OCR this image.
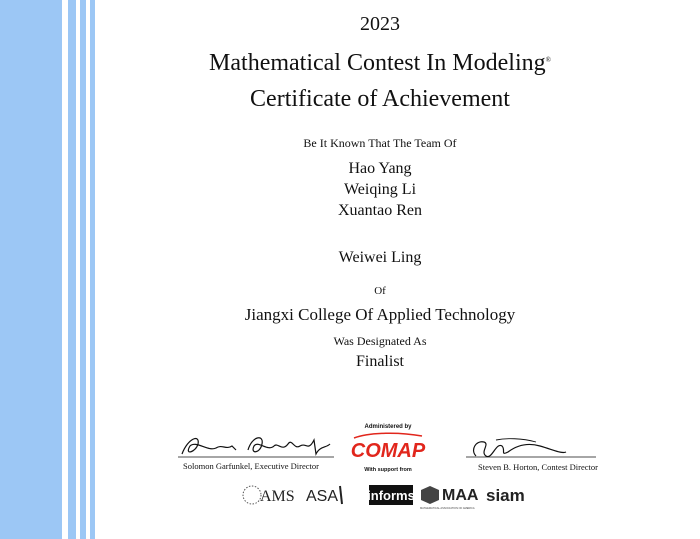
2023
Mathematical Contest In Modeling®
Certificate of Achievement
Be It Known That The Team Of
Hao Yang
Weiqing Li
Xuantao Ren
Weiwei Ling
Of
Jiangxi College Of Applied Technology
Was Designated As
Finalist
Solomon Garfunkel, Executive Director	Steven B. Horton, Contest Director
Administered by
COMAP
With support from
AMS ASA informs MAA
MATHEMATICAL ASSOCIATION OF AMERICA
siam
